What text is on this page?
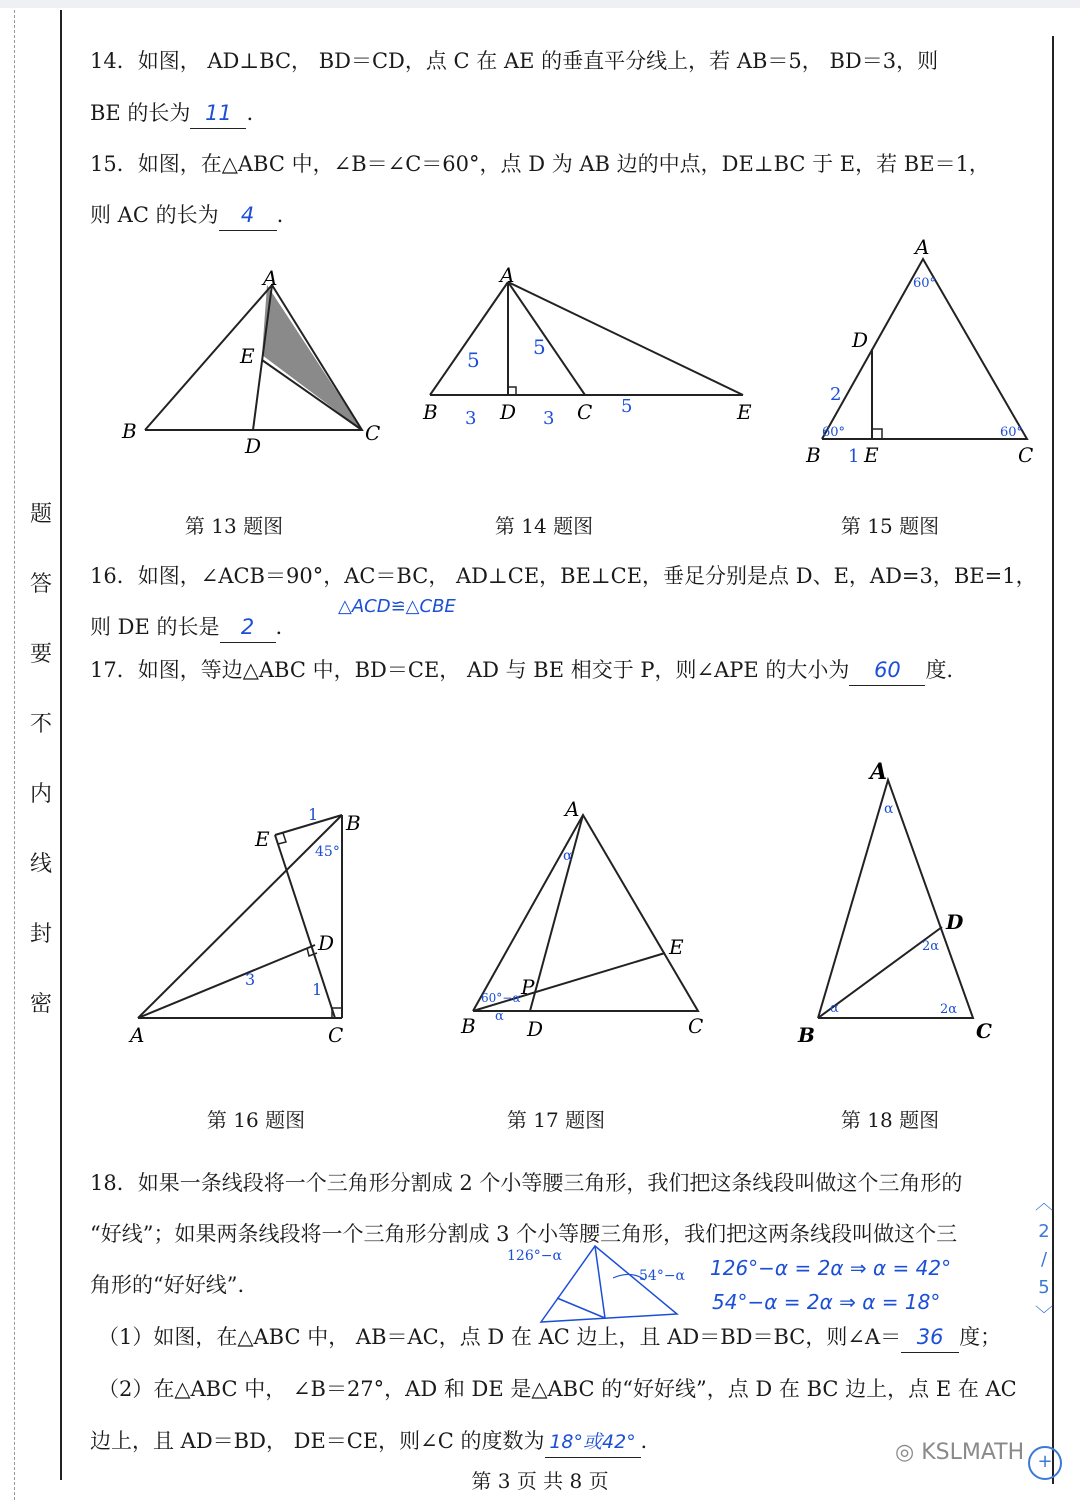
题
答
要
不
内
线
封
密
14．如图， AD⊥BC， BD＝CD，点 C 在 AE 的垂直平分线上，若 AB＝5， BD＝3，则
BE 的长为 11 .
15．如图，在△ABC 中，∠B＝∠C＝60°，点 D 为 AB 边的中点，DE⊥BC 于 E，若 BE＝1，
则 AC 的长为 4 .
A
B	C
D
E
A
B	D	C	E
5
5
3	3
5
A
D
B E	C
60°
60°	60°
2
1
第 13 题图	第 14 题图	第 15 题图
16．如图，∠ACB＝90°，AC＝BC， AD⊥CE，BE⊥CE，垂足分别是点 D、E，AD=3，BE=1，
△ACD≌△CBE
则 DE 的长是 2 .
17．如图，等边△ABC 中，BD＝CE， AD 与 BE 相交于 P，则∠APE 的大小为 60 度.
E
B
D
A	C
1
45°
3
1
A
E
P
B	D	C
α
60°−α
α
A
D
B	C
α
2α
α	2α
第 16 题图	第 17 题图	第 18 题图
18．如果一条线段将一个三角形分割成 2 个小等腰三角形，我们把这条线段叫做这个三角形的
“好线”；如果两条线段将一个三角形分割成 3 个小等腰三角形，我们把这两条线段叫做这个三
角形的“好好线”.
126°−α
54°−α 126°−α = 2α ⇒ α = 42°
54°−α = 2α ⇒ α = 18°
（1）如图，在△ABC 中， AB＝AC，点 D 在 AC 边上，且 AD＝BD＝BC，则∠A＝ 36 度；
（2）在△ABC 中， ∠B＝27°，AD 和 DE 是△ABC 的“好好线”，点 D 在 BC 边上，点 E 在 AC
边上，且 AD＝BD， DE＝CE，则∠C 的度数为 18°或42° .
︿
2
/
5
﹀
◎ KSLMATH +
第 3 页 共 8 页
